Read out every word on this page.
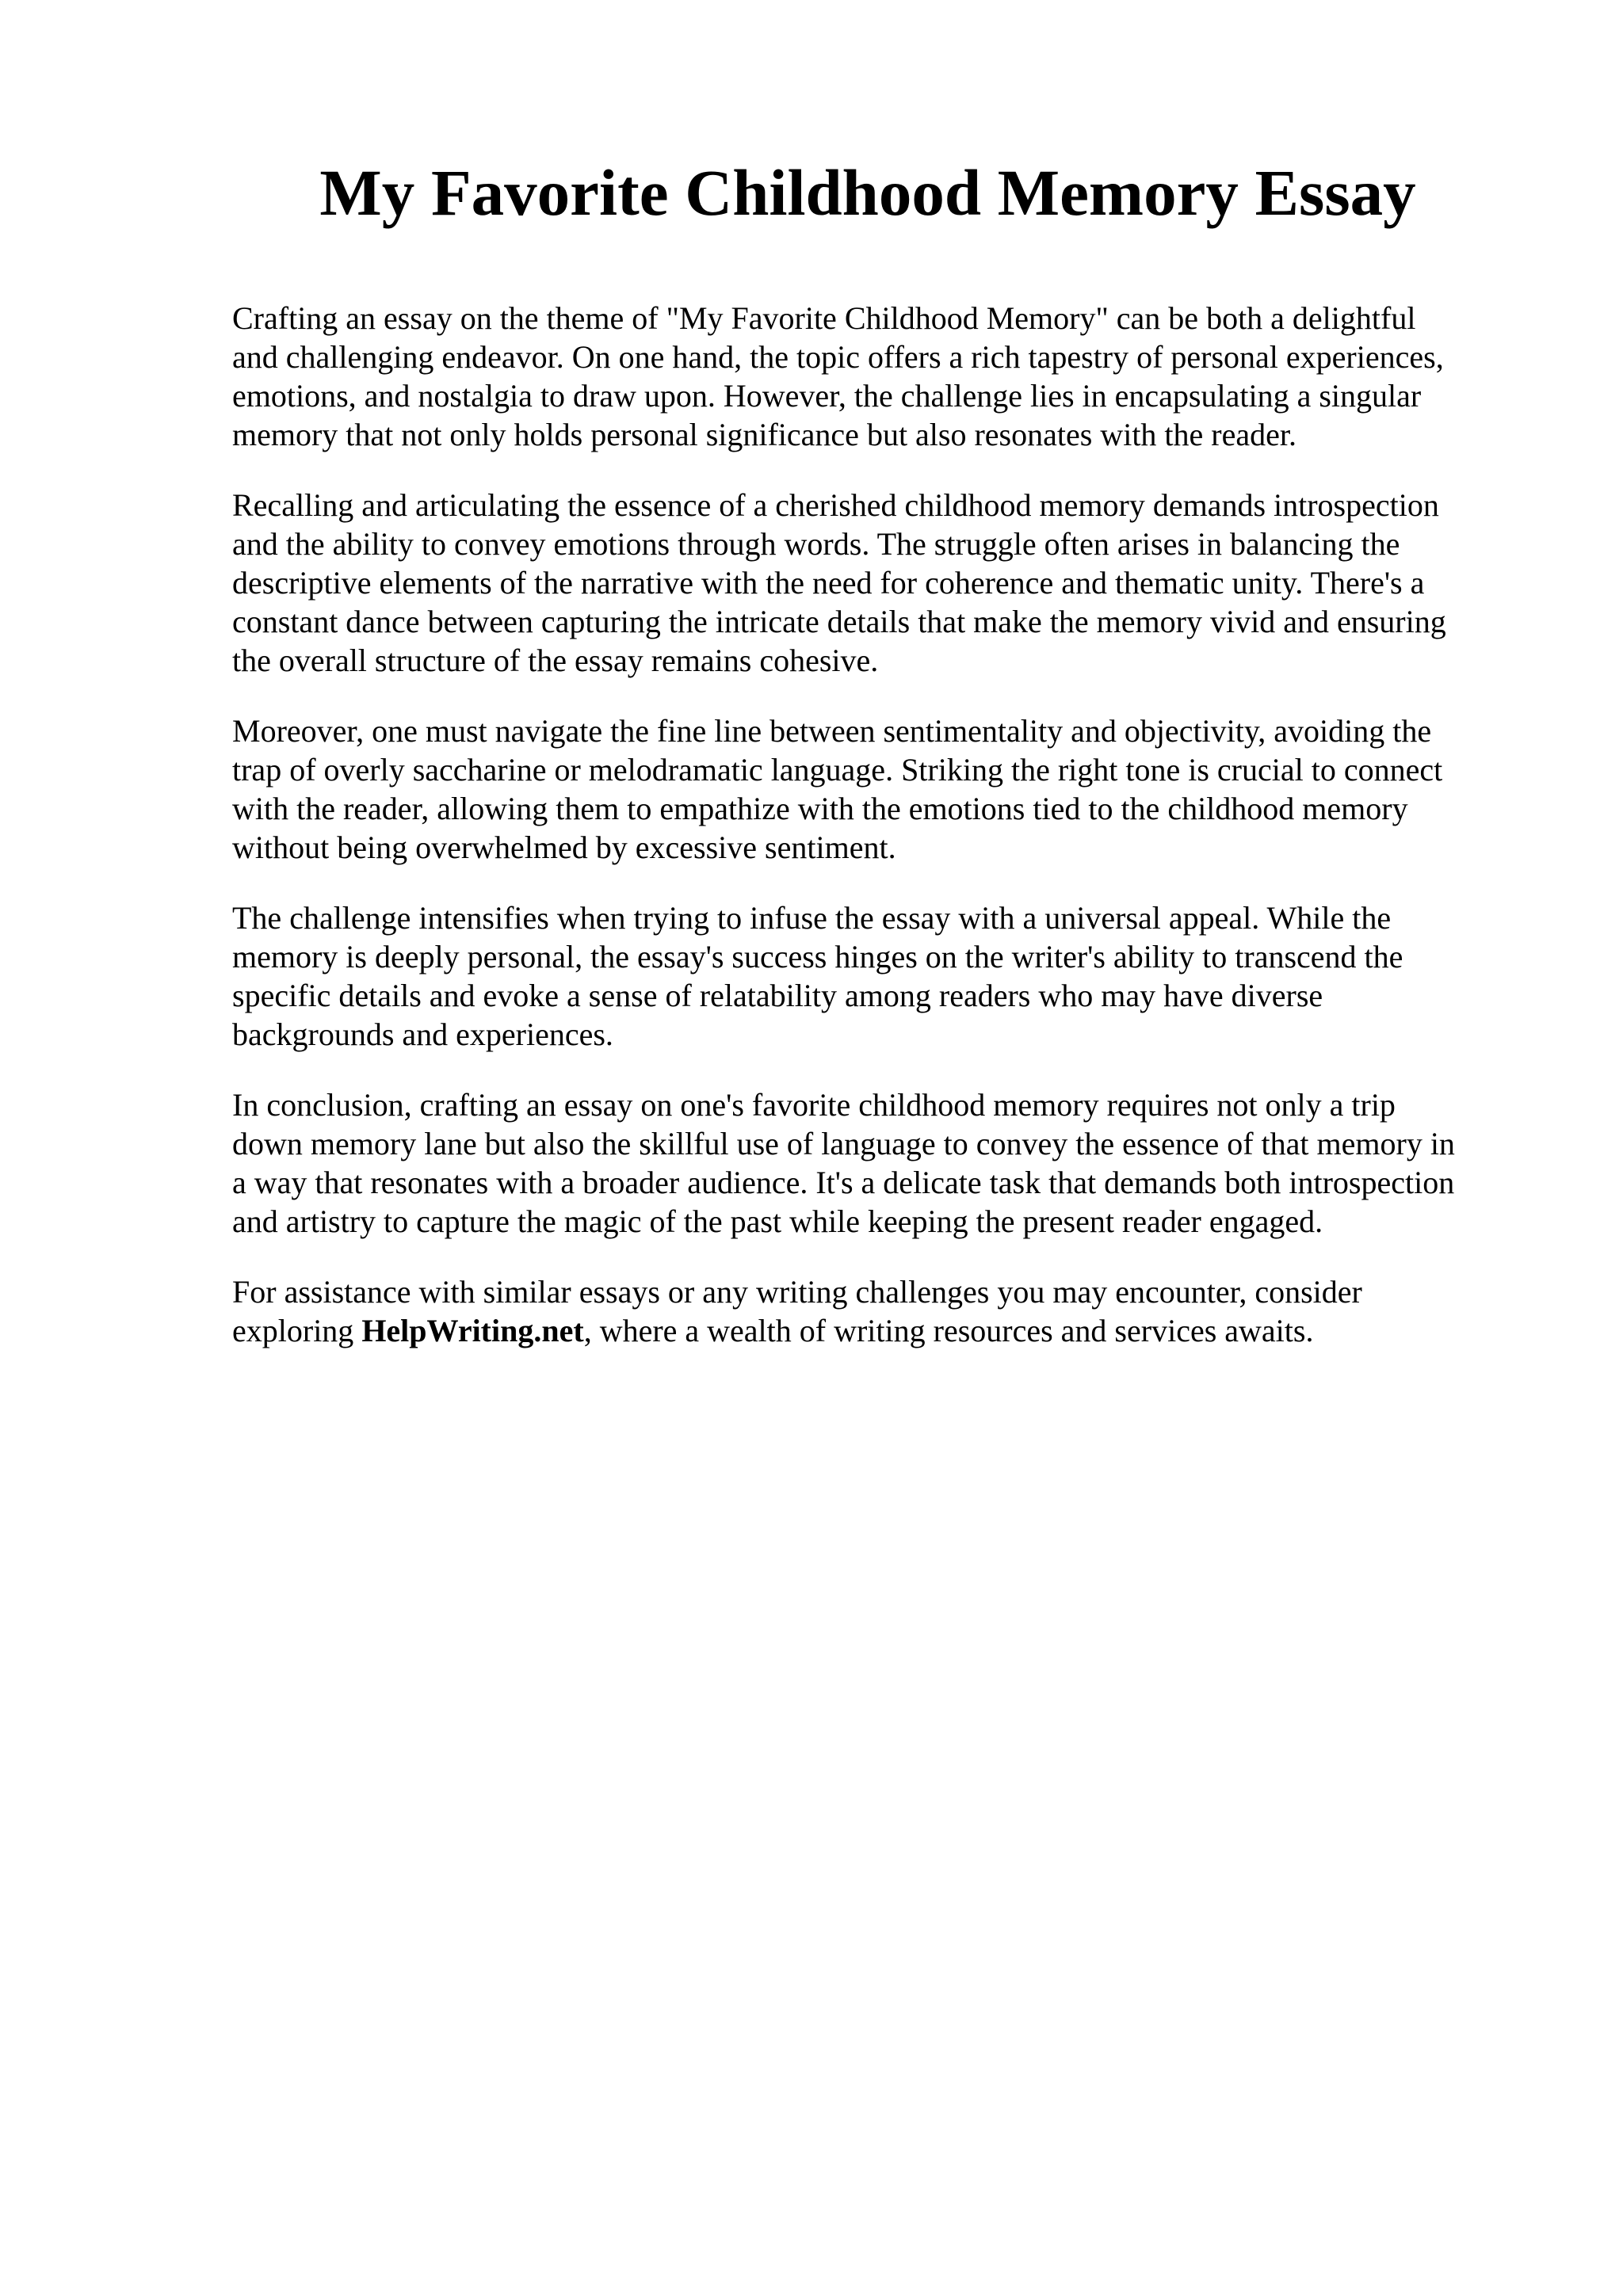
My Favorite Childhood Memory Essay

Crafting an essay on the theme of "My Favorite Childhood Memory" can be both a delightful
and challenging endeavor. On one hand, the topic offers a rich tapestry of personal experiences,
emotions, and nostalgia to draw upon. However, the challenge lies in encapsulating a singular
memory that not only holds personal significance but also resonates with the reader.

Recalling and articulating the essence of a cherished childhood memory demands introspection
and the ability to convey emotions through words. The struggle often arises in balancing the
descriptive elements of the narrative with the need for coherence and thematic unity. There's a
constant dance between capturing the intricate details that make the memory vivid and ensuring
the overall structure of the essay remains cohesive.

Moreover, one must navigate the fine line between sentimentality and objectivity, avoiding the
trap of overly saccharine or melodramatic language. Striking the right tone is crucial to connect
with the reader, allowing them to empathize with the emotions tied to the childhood memory
without being overwhelmed by excessive sentiment.

The challenge intensifies when trying to infuse the essay with a universal appeal. While the
memory is deeply personal, the essay's success hinges on the writer's ability to transcend the
specific details and evoke a sense of relatability among readers who may have diverse
backgrounds and experiences.

In conclusion, crafting an essay on one's favorite childhood memory requires not only a trip
down memory lane but also the skillful use of language to convey the essence of that memory in
a way that resonates with a broader audience. It's a delicate task that demands both introspection
and artistry to capture the magic of the past while keeping the present reader engaged.

For assistance with similar essays or any writing challenges you may encounter, consider
exploring HelpWriting.net, where a wealth of writing resources and services awaits.
